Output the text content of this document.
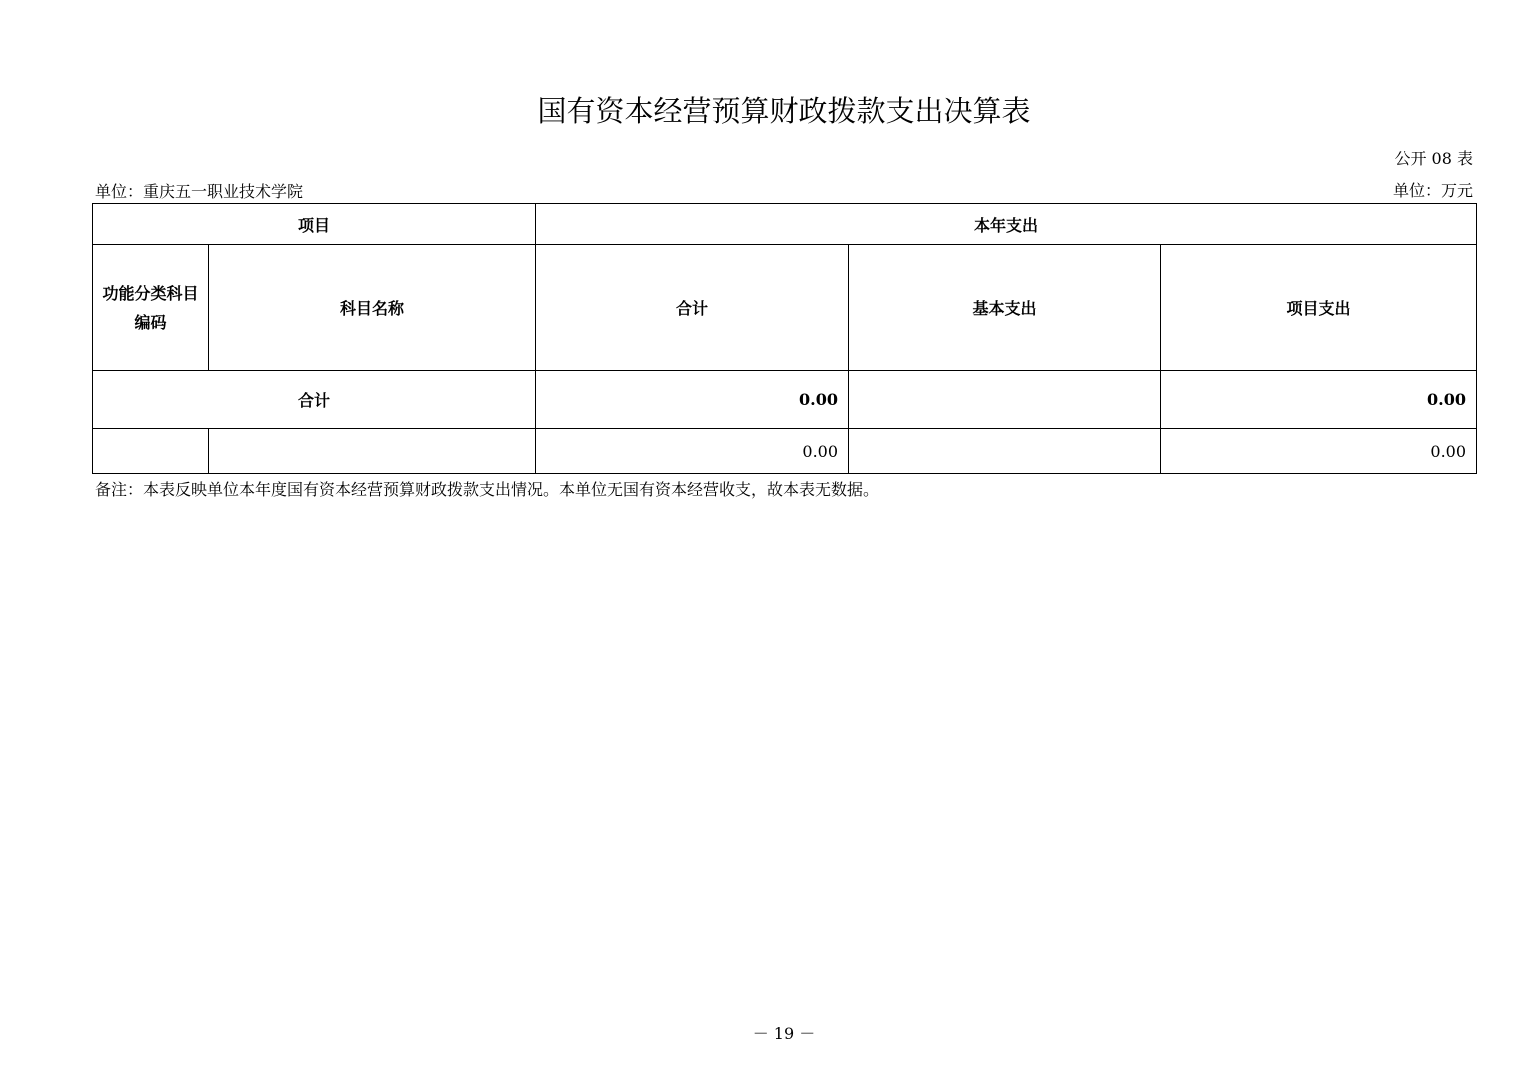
国有资本经营预算财政拨款支出决算表
公开 08 表
单位：重庆五一职业技术学院	单位：万元
项目		本年支出		
功能分类科目编码	科目名称	合计	基本支出	项目支出
合计		0.00		0.00
		0.00		0.00
备注：本表反映单位本年度国有资本经营预算财政拨款支出情况。本单位无国有资本经营收支，故本表无数据。
－ 19 －
